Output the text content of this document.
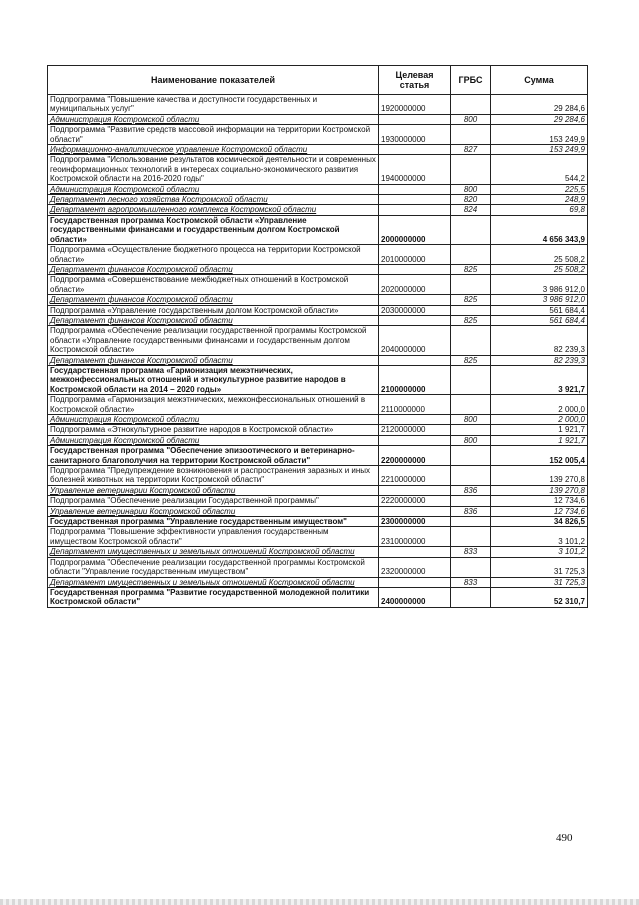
Наименование показателей	Целевая статья	ГРБС	Сумма
Подпрограмма "Повышение качества и доступности государственных и муниципальных услуг"	1920000000		29 284,6
Администрация Костромской области		800	29 284,6
Подпрограмма "Развитие средств массовой информации на территории Костромской области"	1930000000		153 249,9
Информационно-аналитическое управление Костромской области		827	153 249,9
Подпрограмма "Использование результатов космической деятельности и современных геоинформационных технологий в интересах социально-экономического развития Костромской области на 2016-2020 годы"	1940000000		544,2
Администрация Костромской области		800	225,5
Департамент лесного хозяйства Костромской области		820	248,9
Департамент агропромышленного комплекса Костромской области		824	69,8
Государственная программа Костромской области «Управление государственными финансами и государственным долгом Костромской области»	2000000000		4 656 343,9
Подпрограмма «Осуществление бюджетного процесса на территории Костромской области»	2010000000		25 508,2
Департамент финансов Костромской области		825	25 508,2
Подпрограмма «Совершенствование межбюджетных отношений в Костромской области»	2020000000		3 986 912,0
Департамент финансов Костромской области		825	3 986 912,0
Подпрограмма «Управление государственным долгом Костромской области»	2030000000		561 684,4
Департамент финансов Костромской области		825	561 684,4
Подпрограмма «Обеспечение реализации государственной программы Костромской области «Управление государственными финансами и государственным долгом Костромской области»	2040000000		82 239,3
Департамент финансов Костромской области		825	82 239,3
Государственная программа «Гармонизация межэтнических, межконфессиональных отношений и этнокультурное развитие народов в Костромской области на 2014 – 2020 годы»	2100000000		3 921,7
Подпрограмма «Гармонизация межэтнических, межконфессиональных отношений в Костромской области»	2110000000		2 000,0
Администрация Костромской области		800	2 000,0
Подпрограмма «Этнокультурное развитие народов в Костромской области»	2120000000		1 921,7
Администрация Костромской области		800	1 921,7
Государственная программа "Обеспечение эпизоотического и ветеринарно-санитарного благополучия на территории Костромской области"	2200000000		152 005,4
Подпрограмма "Предупреждение возникновения и распространения заразных и иных болезней животных на территории Костромской области"	2210000000		139 270,8
Управление ветеринарии Костромской области		836	139 270,8
Подпрограмма "Обеспечение реализации Государственной программы"	2220000000		12 734,6
Управление ветеринарии Костромской области		836	12 734,6
Государственная программа "Управление государственным имуществом"	2300000000		34 826,5
Подпрограмма "Повышение эффективности управления государственным имуществом Костромской области"	2310000000		3 101,2
Департамент имущественных и земельных отношений Костромской области		833	3 101,2
Подпрограмма "Обеспечение реализации государственной программы Костромской области "Управление государственным имуществом"	2320000000		31 725,3
Департамент имущественных и земельных отношений Костромской области		833	31 725,3
Государственная программа "Развитие государственной молодежной политики Костромской области"	2400000000		52 310,7
490
